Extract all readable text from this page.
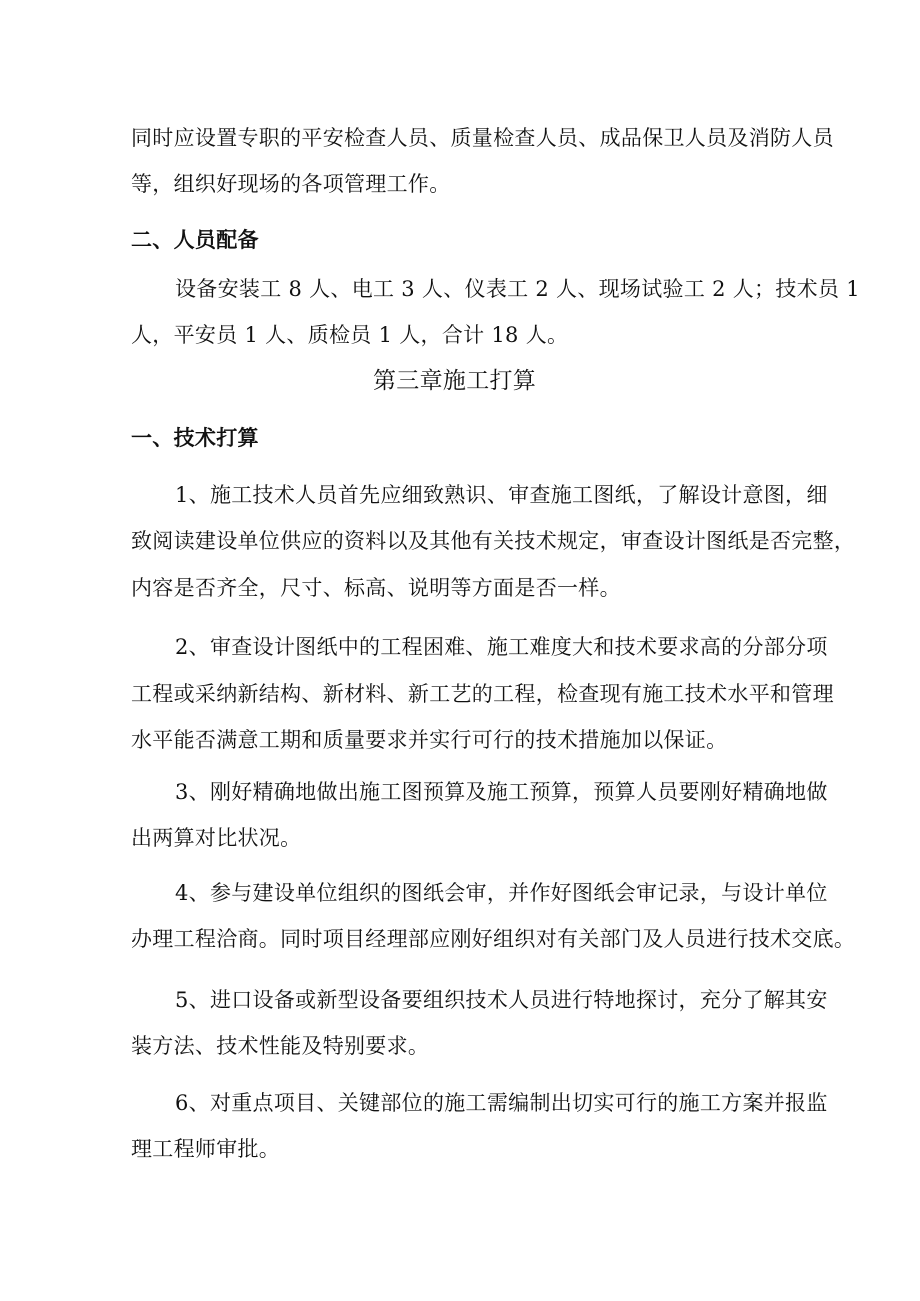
同时应设置专职的平安检查人员、质量检查人员、成品保卫人员及消防人员
等，组织好现场的各项管理工作。
二、人员配备
设备安装工 8 人、电工 3 人、仪表工 2 人、现场试验工 2 人；技术员 1
人，平安员 1 人、质检员 1 人，合计 18 人。
第三章施工打算
一、技术打算
1、施工技术人员首先应细致熟识、审查施工图纸，了解设计意图，细
致阅读建设单位供应的资料以及其他有关技术规定，审查设计图纸是否完整，
内容是否齐全，尺寸、标高、说明等方面是否一样。
2、审查设计图纸中的工程困难、施工难度大和技术要求高的分部分项
工程或采纳新结构、新材料、新工艺的工程，检查现有施工技术水平和管理
水平能否满意工期和质量要求并实行可行的技术措施加以保证。
3、刚好精确地做出施工图预算及施工预算，预算人员要刚好精确地做
出两算对比状况。
4、参与建设单位组织的图纸会审，并作好图纸会审记录，与设计单位
办理工程洽商。同时项目经理部应刚好组织对有关部门及人员进行技术交底。
5、进口设备或新型设备要组织技术人员进行特地探讨，充分了解其安
装方法、技术性能及特别要求。
6、对重点项目、关键部位的施工需编制出切实可行的施工方案并报监
理工程师审批。
